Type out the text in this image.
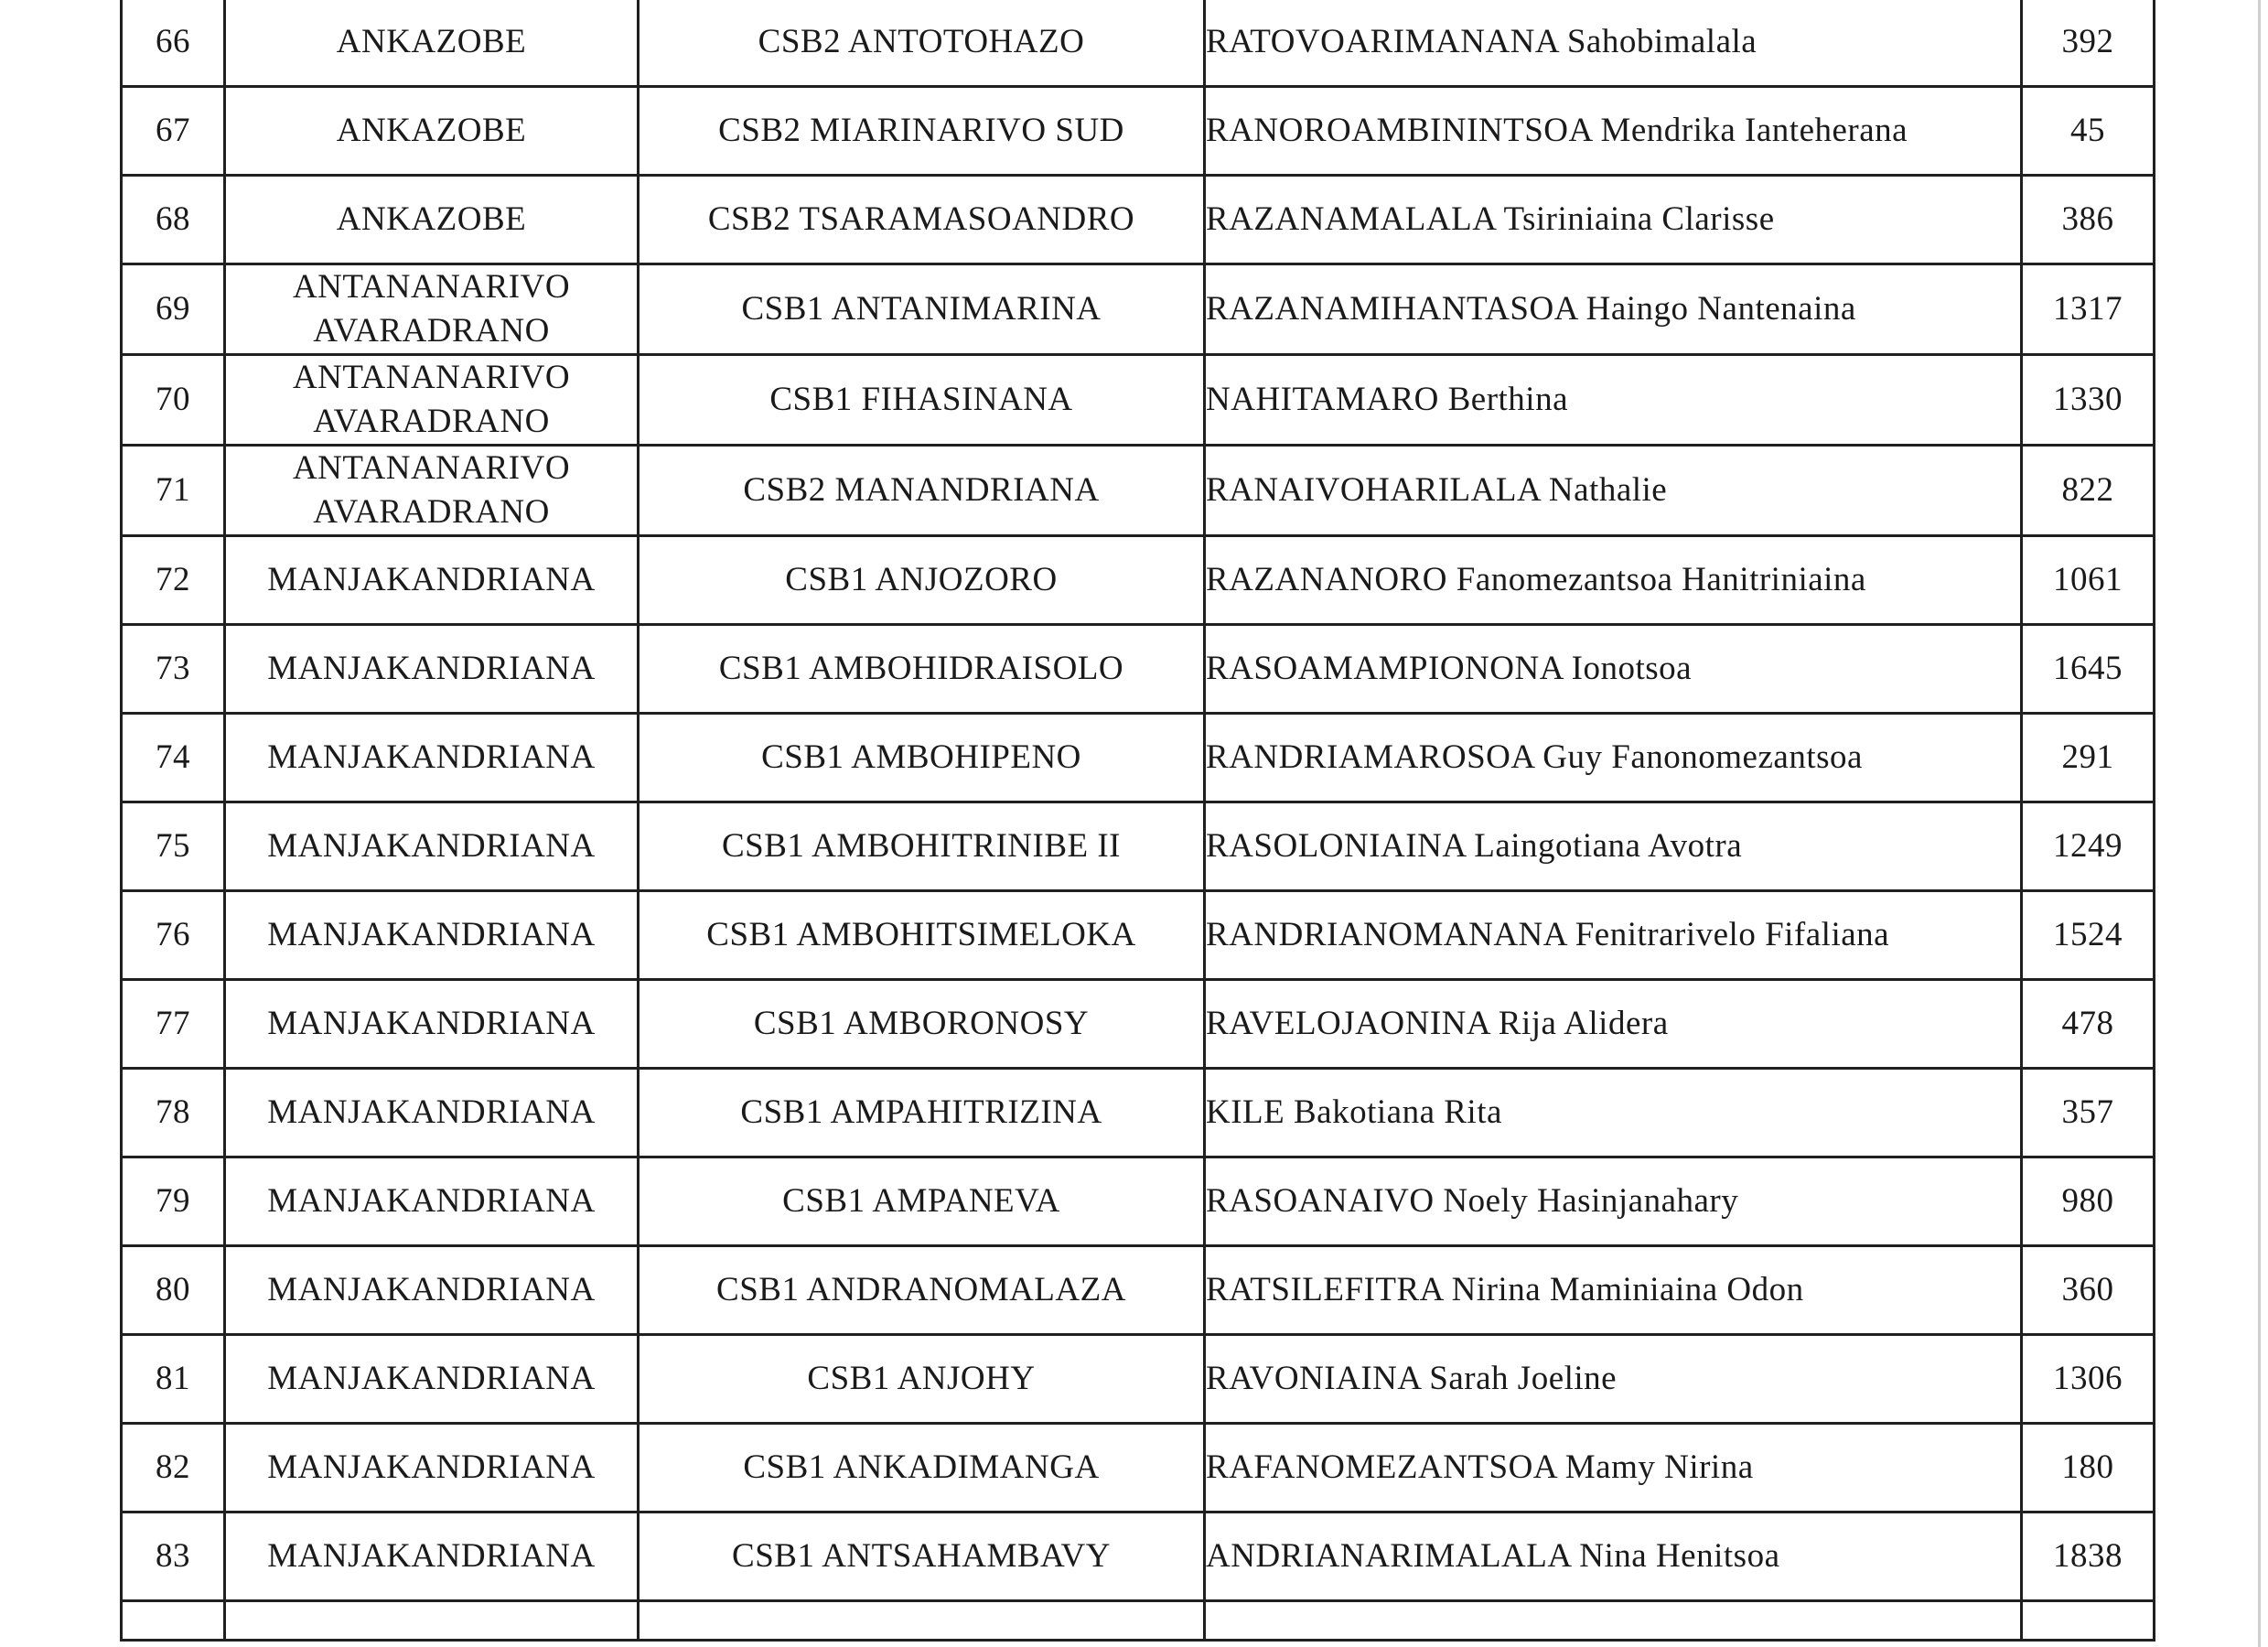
66	ANKAZOBE	CSB2 ANTOTOHAZO	RATOVOARIMANANA Sahobimalala	392
67	ANKAZOBE	CSB2 MIARINARIVO SUD	RANOROAMBININTSOA Mendrika Ianteherana	45
68	ANKAZOBE	CSB2 TSARAMASOANDRO	RAZANAMALALA Tsiriniaina Clarisse	386
69	ANTANANARIVO AVARADRANO	CSB1 ANTANIMARINA	RAZANAMIHANTASOA Haingo Nantenaina	1317
70	ANTANANARIVO AVARADRANO	CSB1 FIHASINANA	NAHITAMARO Berthina	1330
71	ANTANANARIVO AVARADRANO	CSB2 MANANDRIANA	RANAIVOHARILALA Nathalie	822
72	MANJAKANDRIANA	CSB1 ANJOZORO	RAZANANORO Fanomezantsoa Hanitriniaina	1061
73	MANJAKANDRIANA	CSB1 AMBOHIDRAISOLO	RASOAMAMPIONONA Ionotsoa	1645
74	MANJAKANDRIANA	CSB1 AMBOHIPENO	RANDRIAMAROSOA Guy Fanonomezantsoa	291
75	MANJAKANDRIANA	CSB1 AMBOHITRINIBE II	RASOLONIAINA Laingotiana Avotra	1249
76	MANJAKANDRIANA	CSB1 AMBOHITSIMELOKA	RANDRIANOMANANA Fenitrarivelo Fifaliana	1524
77	MANJAKANDRIANA	CSB1 AMBORONOSY	RAVELOJAONINA Rija Alidera	478
78	MANJAKANDRIANA	CSB1 AMPAHITRIZINA	KILE Bakotiana Rita	357
79	MANJAKANDRIANA	CSB1 AMPANEVA	RASOANAIVO Noely Hasinjanahary	980
80	MANJAKANDRIANA	CSB1 ANDRANOMALAZA	RATSILEFITRA Nirina Maminiaina Odon	360
81	MANJAKANDRIANA	CSB1 ANJOHY	RAVONIAINA Sarah Joeline	1306
82	MANJAKANDRIANA	CSB1 ANKADIMANGA	RAFANOMEZANTSOA Mamy Nirina	180
83	MANJAKANDRIANA	CSB1 ANTSAHAMBAVY	ANDRIANARIMALALA Nina Henitsoa	1838
